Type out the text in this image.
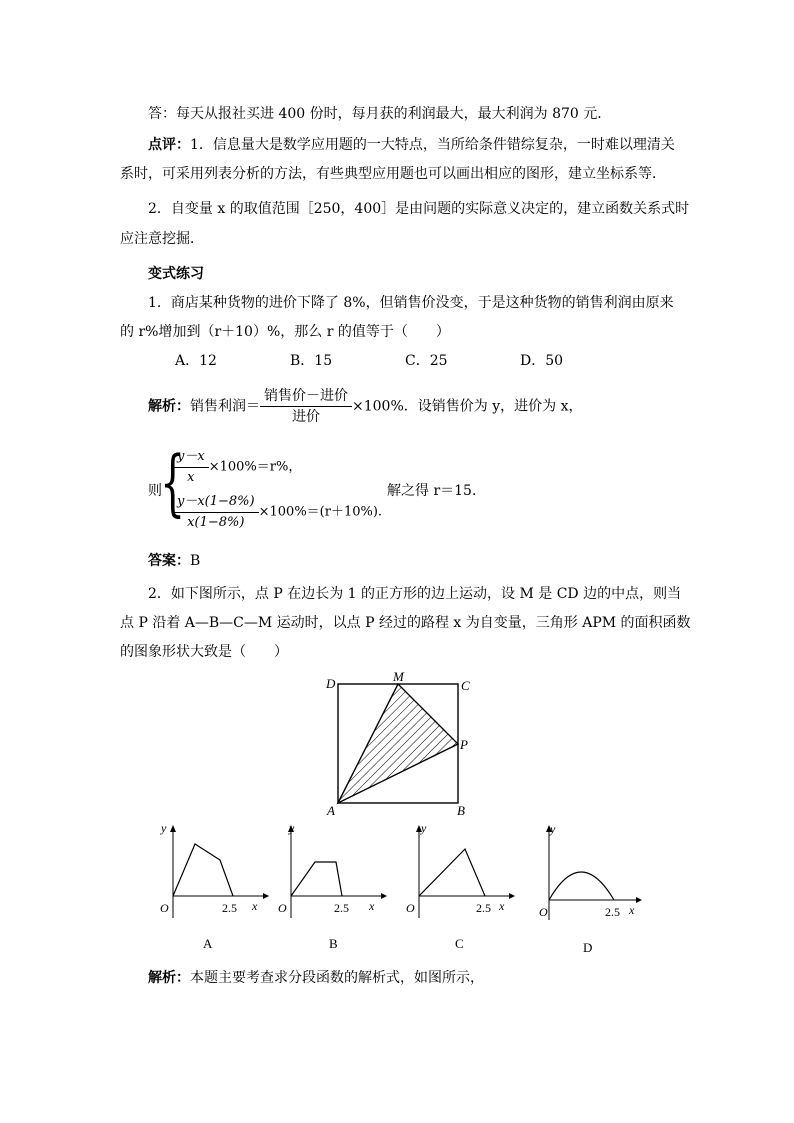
答：每天从报社买进 400 份时，每月获的利润最大，最大利润为 870 元．
点评：1．信息量大是数学应用题的一大特点，当所给条件错综复杂，一时难以理清关
系时，可采用列表分析的方法，有些典型应用题也可以画出相应的图形，建立坐标系等．
2．自变量 x 的取值范围［250，400］是由问题的实际意义决定的，建立函数关系式时
应注意挖掘．
变式练习
1．商店某种货物的进价下降了 8%，但销售价没变，于是这种货物的销售利润由原来
的 r%增加到（r＋10）%，那么 r 的值等于（　　）
A．12	B．15	C．25	D．50
解析：销售利润＝ $\frac{\text{销售价－进价}}{\text{进价}} \times 100\%$．设销售价为 y，进价为 x，
则
{
$\frac{y-x}{x} \times 100\%=r\%$，
$\frac{y-x(1-8\%)}{x(1-8\%)} \times 100\%=(r+10\%)$.
解之得 r＝15．
答案：B
2．如下图所示，点 P 在边长为 1 的正方形的边上运动，设 M 是 CD 边的中点，则当
点 P 沿着 A—B—C—M 运动时，以点 P 经过的路程 x 为自变量，三角形 APM 的面积函数
的图象形状大致是（　　）
D	M
C
P
A	B
y
O	2.5 x
A
y
O	2.5 x
B
y
O	2.5 x
C
y
O	2.5 x
D
解析：本题主要考查求分段函数的解析式，如图所示，
